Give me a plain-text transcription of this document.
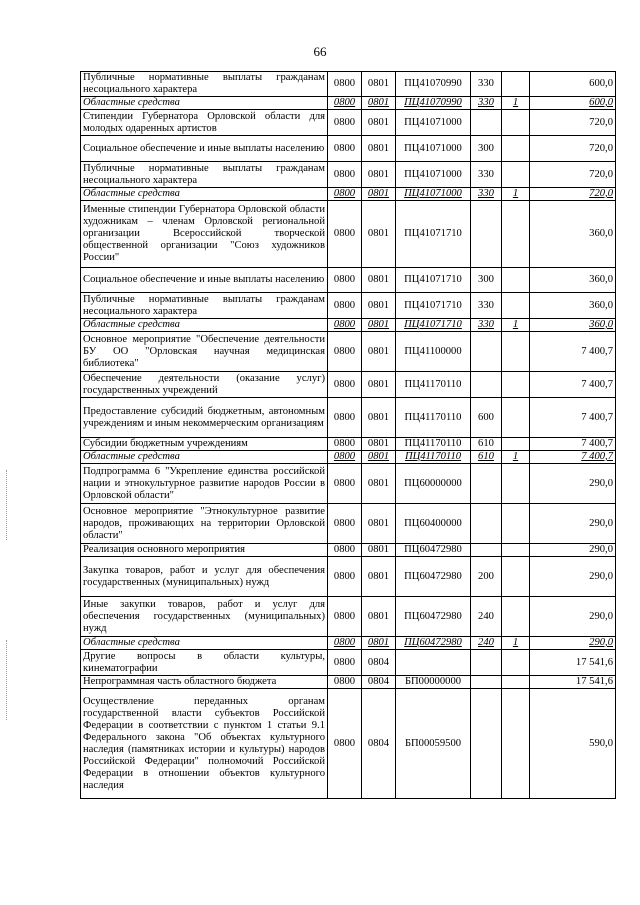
66
Публичные нормативные выплаты гражданам несоциального характера	0800	0801	ПЦ41070990	330		600,0
Областные средства	0800	0801	ПЦ41070990	330	1	600,0
Стипендии Губернатора Орловской области для молодых одаренных артистов	0800	0801	ПЦ41071000			720,0
Социальное обеспечение и иные выплаты населению	0800	0801	ПЦ41071000	300		720,0
Публичные нормативные выплаты гражданам несоциального характера	0800	0801	ПЦ41071000	330		720,0
Областные средства	0800	0801	ПЦ41071000	330	1	720,0
Именные стипендии Губернатора Орловской области художникам – членам Орловской региональной организации Всероссийской творческой общественной организации "Союз художников России"	0800	0801	ПЦ41071710			360,0
Социальное обеспечение и иные выплаты населению	0800	0801	ПЦ41071710	300		360,0
Публичные нормативные выплаты гражданам несоциального характера	0800	0801	ПЦ41071710	330		360,0
Областные средства	0800	0801	ПЦ41071710	330	1	360,0
Основное мероприятие "Обеспечение деятельности БУ ОО "Орловская научная медицинская библиотека"	0800	0801	ПЦ41100000			7 400,7
Обеспечение деятельности (оказание услуг) государственных учреждений	0800	0801	ПЦ41170110			7 400,7
Предоставление субсидий бюджетным, автономным учреждениям и иным некоммерческим организациям	0800	0801	ПЦ41170110	600		7 400,7
Субсидии бюджетным учреждениям	0800	0801	ПЦ41170110	610		7 400,7
Областные средства	0800	0801	ПЦ41170110	610	1	7 400,7
Подпрограмма 6 "Укрепление единства российской нации и этнокультурное развитие народов России в Орловской области"	0800	0801	ПЦ60000000			290,0
Основное мероприятие "Этнокультурное развитие народов, проживающих на территории Орловской области"	0800	0801	ПЦ60400000			290,0
Реализация основного мероприятия	0800	0801	ПЦ60472980			290,0
Закупка товаров, работ и услуг для обеспечения государственных (муниципальных) нужд	0800	0801	ПЦ60472980	200		290,0
Иные закупки товаров, работ и услуг для обеспечения государственных (муниципальных) нужд	0800	0801	ПЦ60472980	240		290,0
Областные средства	0800	0801	ПЦ60472980	240	1	290,0
Другие вопросы в области культуры, кинематографии	0800	0804				17 541,6
Непрограммная часть областного бюджета	0800	0804	БП00000000			17 541,6
Осуществление переданных органам государственной власти субъектов Российской Федерации в соответствии с пунктом 1 статьи 9.1 Федерального закона "Об объектах культурного наследия (памятниках истории и культуры) народов Российской Федерации" полномочий Российской Федерации в отношении объектов культурного наследия	0800	0804	БП00059500			590,0
